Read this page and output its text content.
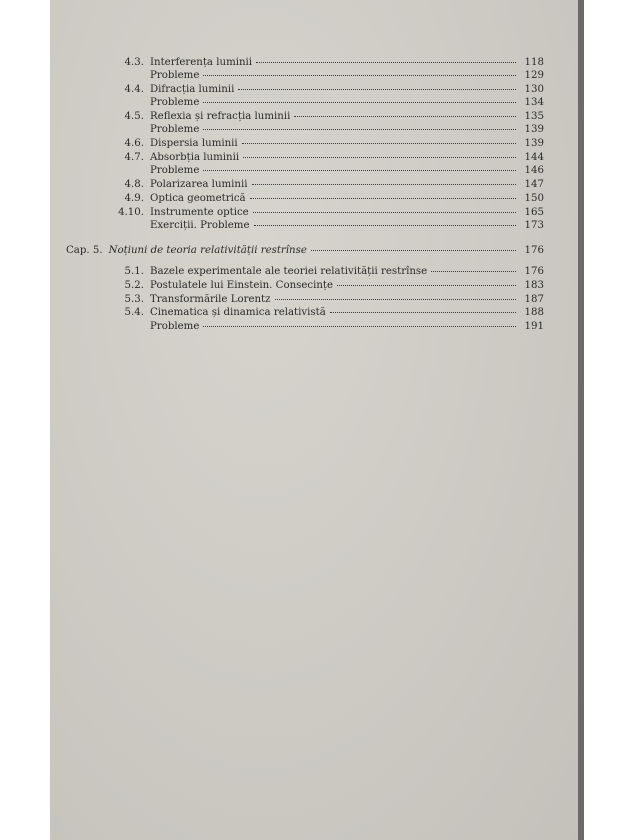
4.3. Interferența luminii	118
Probleme	129
4.4. Difracția luminii	130
Probleme	134
4.5. Reflexia și refracția luminii	135
Probleme	139
4.6. Dispersia luminii	139
4.7. Absorbția luminii	144
Probleme	146
4.8. Polarizarea luminii	147
4.9. Optica geometrică	150
4.10. Instrumente optice	165
Exerciții. Probleme	173
Cap. 5. Noțiuni de teoria relativității restrînse	176
5.1. Bazele experimentale ale teoriei relativității restrînse	176
5.2. Postulatele lui Einstein. Consecințe	183
5.3. Transformările Lorentz	187
5.4. Cinematica și dinamica relativistă	188
Probleme	191
